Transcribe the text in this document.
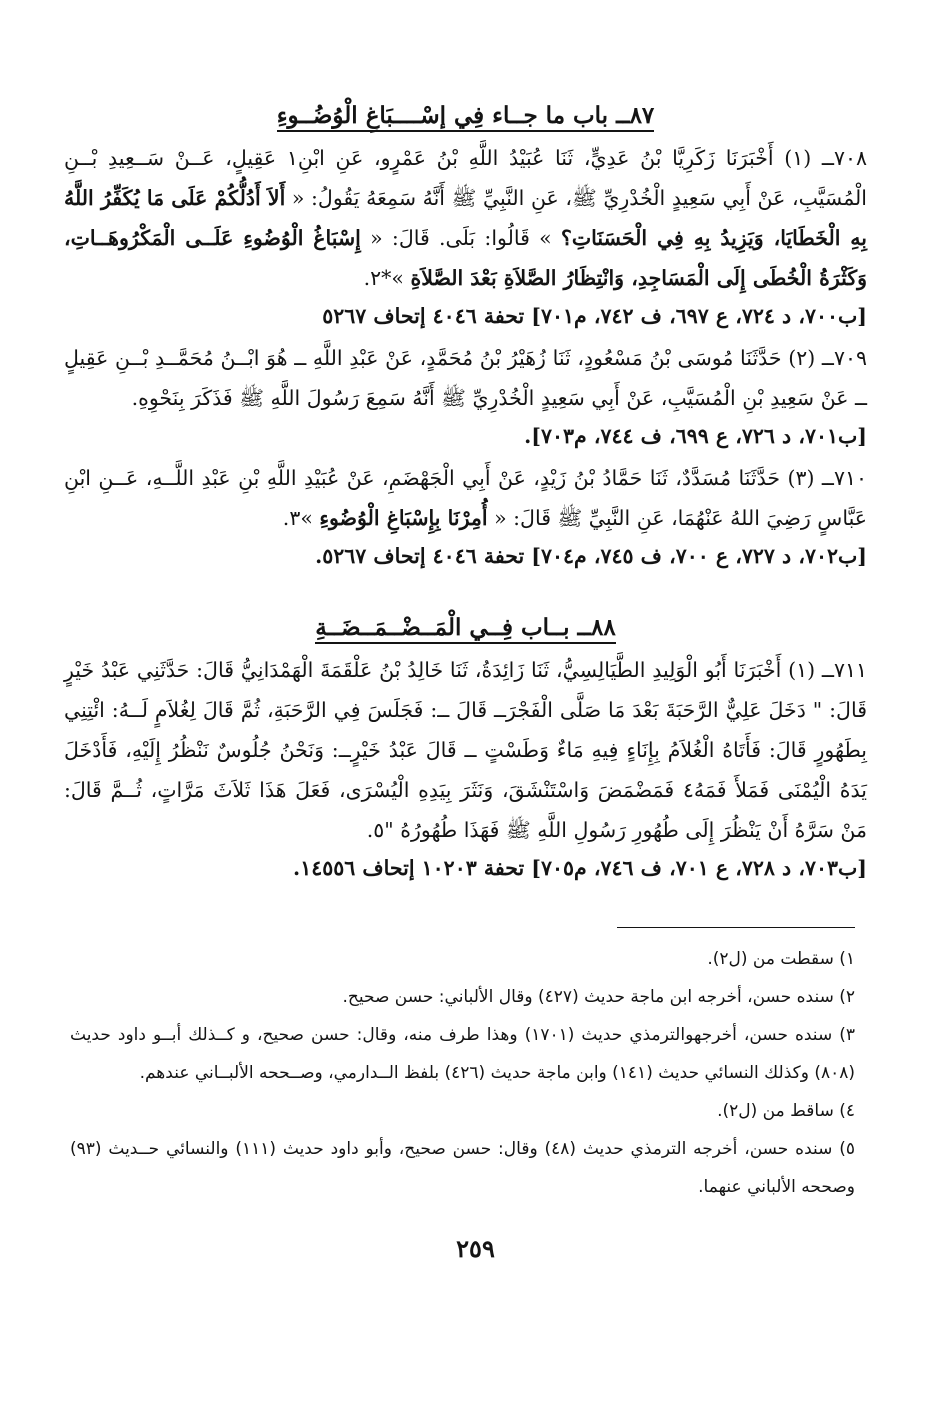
٨٧ــ باب ما جــاء فِي إسْــــبَاغِ الْوُضُــوءِ

٧٠٨ــ (١) أَخْبَرَنَا زَكَرِيَّا بْنُ عَدِيٍّ، ثَنَا عُبَيْدُ اللَّهِ بْنُ عَمْرٍو، عَنِ ابْنِ١ عَقِيلٍ، عَــنْ سَــعِيدِ بْــنِ الْمُسَيَّبِ، عَنْ أَبِي سَعِيدٍ الْخُدْرِيِّ ﷺ، عَنِ النَّبِيِّ ﷺ أَنَّهُ سَمِعَهُ يَقُولُ: « أَلاَ أَدُلُّكُمْ عَلَى مَا يُكَفِّرُ اللَّهُ بِهِ الْخَطَايَا، وَيَزِيدُ بِهِ فِي الْحَسَنَاتِ؟ » قَالُوا: بَلَى. قَالَ: « إِسْبَاغُ الْوُضُوءِ عَلَــى الْمَكْرُوهَــاتِ، وَكَثْرَةُ الْخُطَى إِلَى الْمَسَاجِدِ، وَانْتِظَارُ الصَّلاَةِ بَعْدَ الصَّلاَةِ »*٢.

[ب٧٠٠، د ٧٢٤، ع ٦٩٧، ف ٧٤٢، م٧٠١] تحفة ٤٠٤٦ إتحاف ٥٢٦٧

٧٠٩ــ (٢) حَدَّثَنَا مُوسَى بْنُ مَسْعُودٍ، ثَنَا زُهَيْرُ بْنُ مُحَمَّدٍ، عَنْ عَبْدِ اللَّهِ ــ هُوَ ابْــنُ مُحَمَّــدِ بْــنِ عَقِيلٍ ــ عَنْ سَعِيدِ بْنِ الْمُسَيَّبِ، عَنْ أَبِي سَعِيدٍ الْخُدْرِيِّ ﷺ أَنَّهُ سَمِعَ رَسُولَ اللَّهِ ﷺ فَذَكَرَ بِنَحْوِهِ.

[ب٧٠١، د ٧٢٦، ع ٦٩٩، ف ٧٤٤، م٧٠٣].

٧١٠ــ (٣) حَدَّثَنَا مُسَدَّدٌ، ثَنَا حَمَّادُ بْنُ زَيْدٍ، عَنْ أَبِي الْجَهْضَمِ، عَنْ عُبَيْدِ اللَّهِ بْنِ عَبْدِ اللَّــهِ، عَــنِ ابْنِ عَبَّاسٍ رَضِيَ اللهُ عَنْهُمَا، عَنِ النَّبِيِّ ﷺ قَالَ: « أُمِرْنَا بِإِسْبَاغِ الْوُضُوءِ »٣.

[ب٧٠٢، د ٧٢٧، ع ٧٠٠، ف ٧٤٥، م٧٠٤] تحفة ٤٠٤٦ إتحاف ٥٢٦٧.

٨٨ــ بــاب فِــي الْمَــضْــمَــضَــةِ

٧١١ــ (١) أَخْبَرَنَا أَبُو الْوَلِيدِ الطَّيَالِسِيُّ، ثَنَا زَائِدَةُ، ثَنَا خَالِدُ بْنُ عَلْقَمَةَ الْهَمْدَانِيُّ قَالَ: حَدَّثَنِي عَبْدُ خَيْرٍ قَالَ: " دَخَلَ عَلِيٌّ الرَّحَبَةَ بَعْدَ مَا صَلَّى الْفَجْرَــ قَالَ ــ: فَجَلَسَ فِي الرَّحَبَةِ، ثُمَّ قَالَ لِغُلاَمٍ لَــهُ: ائْتِنِي بِطَهُورٍ قَالَ: فَأَتَاهُ الْغُلاَمُ بِإِنَاءٍ فِيهِ مَاءٌ وَطَسْتٍ ــ قَالَ عَبْدُ خَيْرٍــ: وَنَحْنُ جُلُوسٌ نَنْظُرُ إِلَيْهِ، فَأَدْخَلَ يَدَهُ الْيُمْنَى فَمَلأَ فَمَهُ٤ فَمَضْمَضَ وَاسْتَنْشَقَ، وَنَثَرَ بِيَدِهِ الْيُسْرَى، فَعَلَ هَذَا ثَلاَثَ مَرَّاتٍ، ثُــمَّ قَالَ: مَنْ سَرَّهُ أَنْ يَنْظُرَ إِلَى طُهُورِ رَسُولِ اللَّهِ ﷺ فَهَذَا طُهُورُهُ "٥.

[ب٧٠٣، د ٧٢٨، ع ٧٠١، ف ٧٤٦، م٧٠٥] تحفة ١٠٢٠٣ إتحاف ١٤٥٥٦.

١) سقطت من (ل٢).

٢) سنده حسن، أخرجه ابن ماجة حديث (٤٢٧) وقال الألباني: حسن صحيح.

٣) سنده حسن، أخرجهوالترمذي حديث (١٧٠١) وهذا طرف منه، وقال: حسن صحيح، و كــذلك أبــو داود حديث (٨٠٨) وكذلك النسائي حديث (١٤١) وابن ماجة حديث (٤٢٦) بلفظ الــدارمي، وصــححه الألبــاني عندهم.

٤) ساقط من (ل٢).

٥) سنده حسن، أخرجه الترمذي حديث (٤٨) وقال: حسن صحيح، وأبو داود حديث (١١١) والنسائي حــديث (٩٣) وصححه الألباني عنهما.

٢٥٩
